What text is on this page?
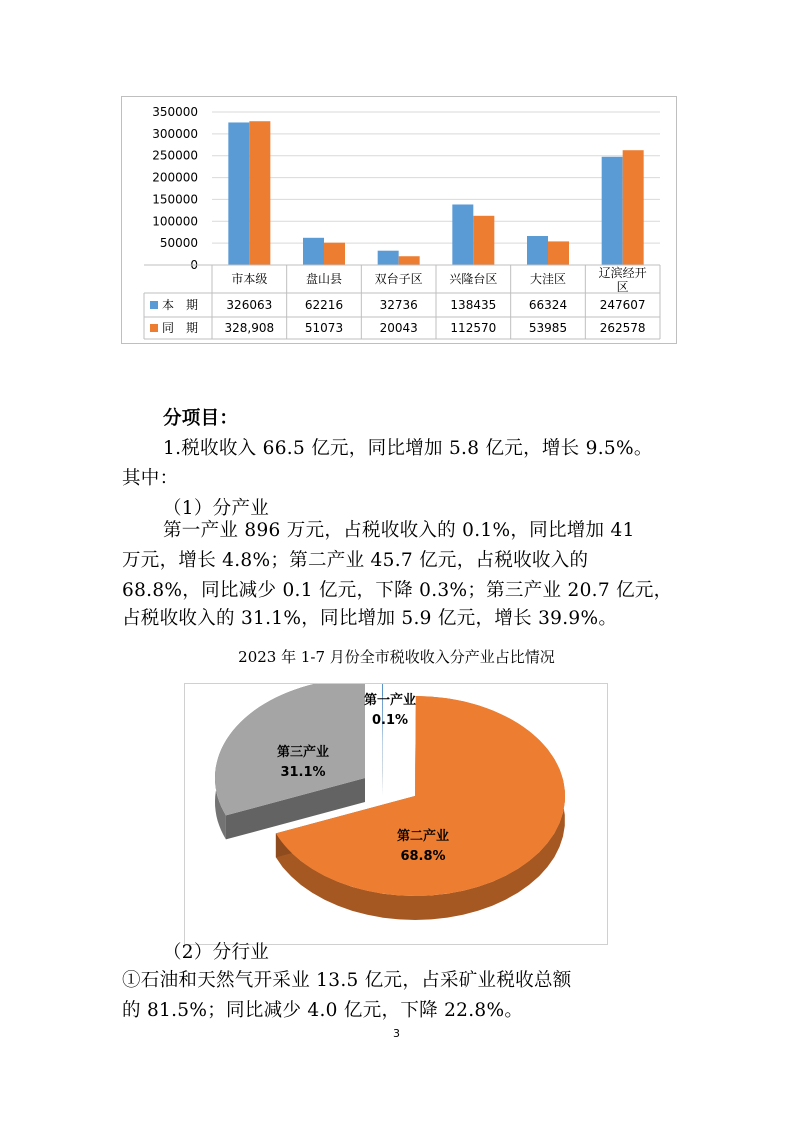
0
50000
100000
150000
200000
250000
300000
350000
市本级	盘山县	双台子区 兴隆台区	大洼区	辽滨经开
区
本　期 326063	62216	32736	138435	66324	247607
同　期 328,908	51073	20043	112570	53985	262578
分项目：
1.税收收入 66.5 亿元，同比增加 5.8 亿元，增长 9.5%。
其中：
（1）分产业
第一产业 896 万元，占税收收入的 0.1%，同比增加 41
万元，增长 4.8%；第二产业 45.7 亿元，占税收收入的
68.8%，同比减少 0.1 亿元，下降 0.3%；第三产业 20.7 亿元，
占税收收入的 31.1%，同比增加 5.9 亿元，增长 39.9%。
2023 年 1-7 月份全市税收收入分产业占比情况
第一产业
0.1%
第二产业
68.8%
第三产业
31.1%
（2）分行业
①石油和天然气开采业 13.5 亿元，占采矿业税收总额
的 81.5%；同比减少 4.0 亿元，下降 22.8%。
3
